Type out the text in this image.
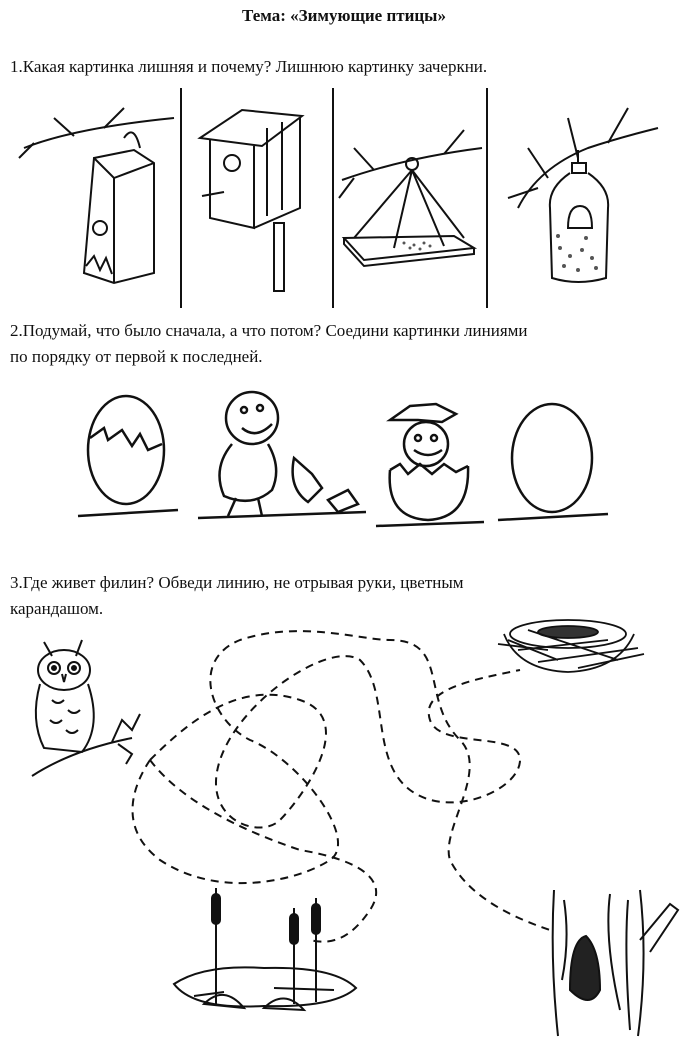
Тема: «Зимующие птицы»
1.Какая картинка лишняя и почему? Лишнюю картинку зачеркни.
2.Подумай, что было сначала, а что потом? Соедини картинки линиями
по порядку от первой к последней.
3.Где живет филин? Обведи линию, не отрывая руки, цветным
карандашом.
